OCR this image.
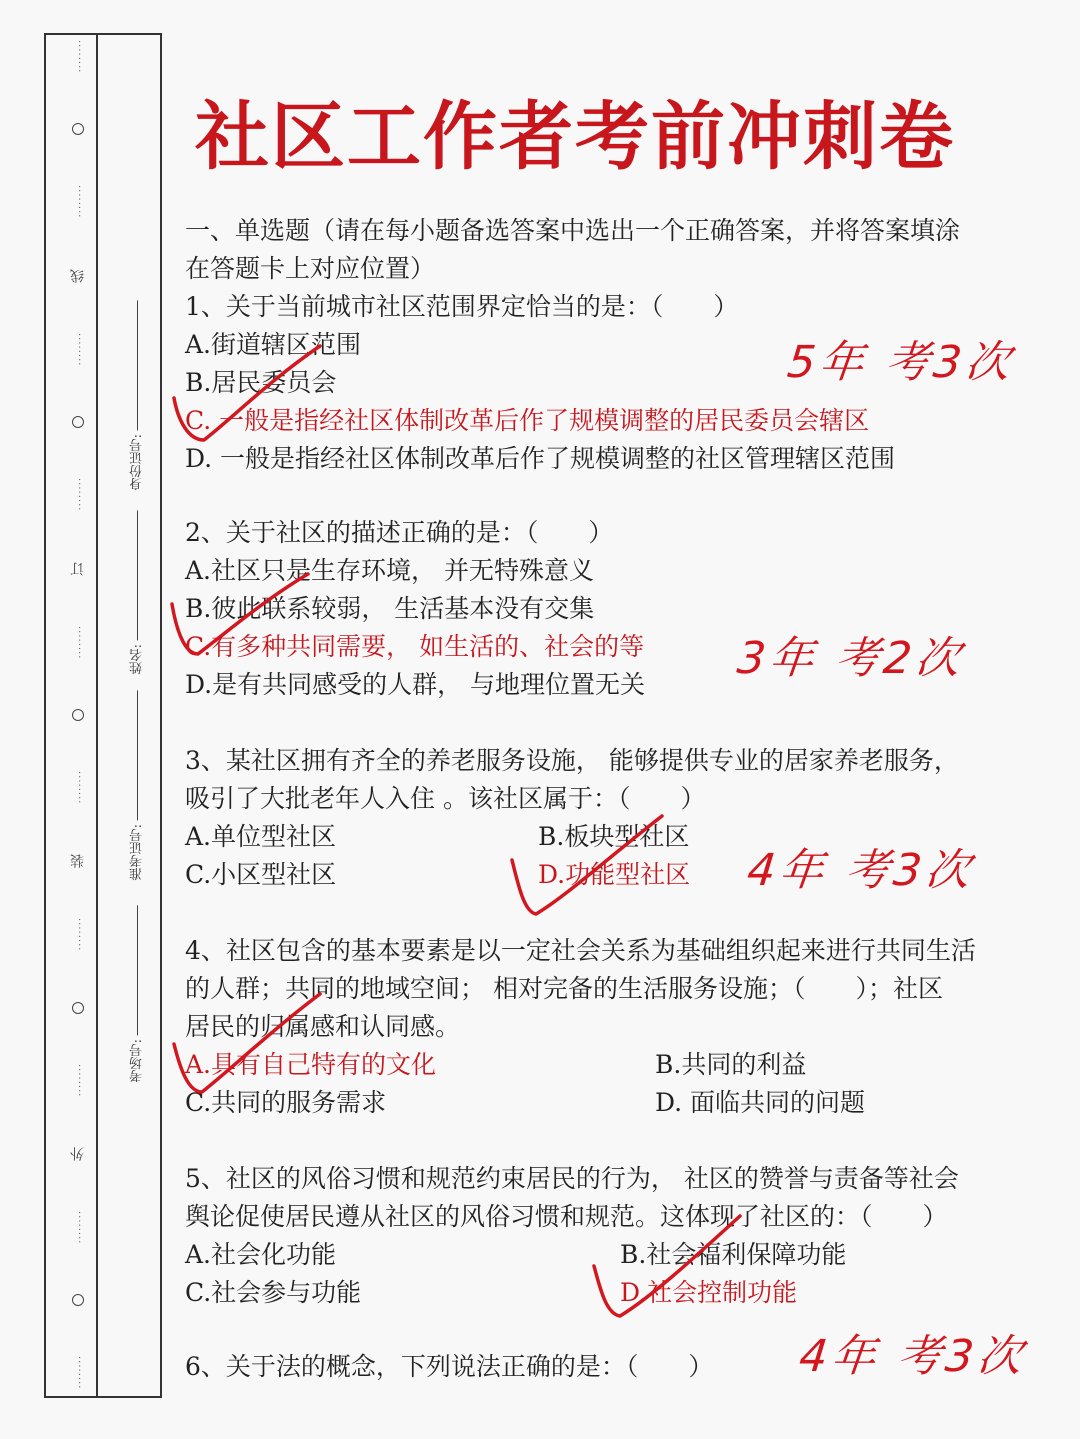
········
········
线
········
········
订
········
········
装
········
········
外
········
········
身份证号:
姓名:
准考证号:
考场号:
社区工作者考前冲刺卷
一、单选题（请在每小题备选答案中选出一个正确答案，并将答案填涂
在答题卡上对应位置）
1、关于当前城市社区范围界定恰当的是：（　　）
A.街道辖区范围
B.居民委员会
C. 一般是指经社区体制改革后作了规模调整的居民委员会辖区
D. 一般是指经社区体制改革后作了规模调整的社区管理辖区范围
5年 考3次
2、关于社区的描述正确的是：（　　）
A.社区只是生存环境， 并无特殊意义
B.彼此联系较弱， 生活基本没有交集
C.有多种共同需要， 如生活的、社会的等
D.是有共同感受的人群， 与地理位置无关
3年 考2次
3、某社区拥有齐全的养老服务设施， 能够提供专业的居家养老服务，
吸引了大批老年人入住 。该社区属于：（　　）
A.单位型社区	B.板块型社区
C.小区型社区	D.功能型社区 4年 考3次
4、社区包含的基本要素是以一定社会关系为基础组织起来进行共同生活
的人群；共同的地域空间； 相对完备的生活服务设施；（　　）；社区
居民的归属感和认同感。
A.具有自己特有的文化	B.共同的利益
C.共同的服务需求	D. 面临共同的问题
5、社区的风俗习惯和规范约束居民的行为， 社区的赞誉与责备等社会
舆论促使居民遵从社区的风俗习惯和规范。这体现了社区的：（　　）
A.社会化功能	B.社会福利保障功能
C.社会参与功能	D.社会控制功能
6、关于法的概念，下列说法正确的是：（　　） 4年 考3次
